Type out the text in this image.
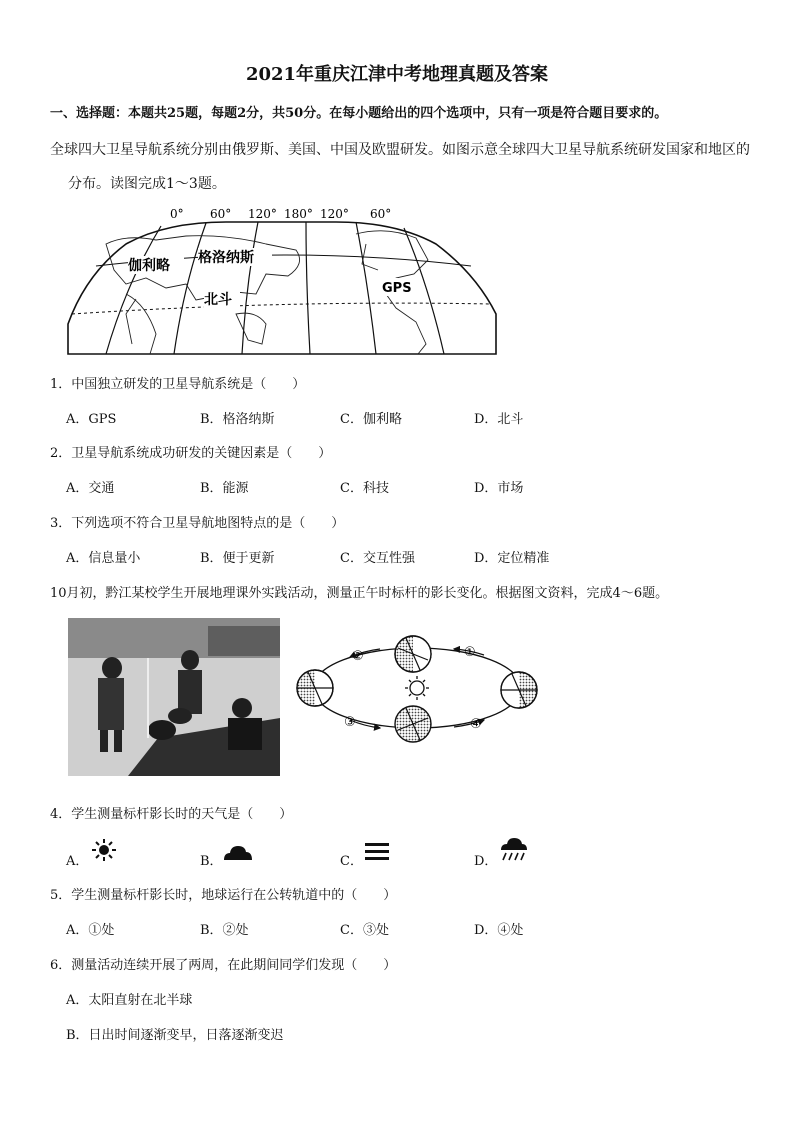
2021年重庆江津中考地理真题及答案
一、选择题：本题共25题，每题2分，共50分。在每小题给出的四个选项中，只有一项是符合题目要求的。
全球四大卫星导航系统分别由俄罗斯、美国、中国及欧盟研发。如图示意全球四大卫星导航系统研发国家和地区的
分布。读图完成1～3题。
0° 60° 120° 180° 120° 60°
伽利略 格洛纳斯
北斗
GPS
1．中国独立研发的卫星导航系统是（　　）
A．GPS	B．格洛纳斯	C．伽利略	D．北斗
2．卫星导航系统成功研发的关键因素是（　　）
A．交通	B．能源	C．科技	D．市场
3．下列选项不符合卫星导航地图特点的是（　　）
A．信息量小	B．便于更新	C．交互性强	D．定位精准
10月初，黔江某校学生开展地理课外实践活动，测量正午时标杆的影长变化。根据图文资料，完成4～6题。
①
②
③	④
4．学生测量标杆影长时的天气是（　　）
A．	B．	C．	D．
5．学生测量标杆影长时，地球运行在公转轨道中的（　　）
A．①处	B．②处	C．③处	D．④处
6．测量活动连续开展了两周，在此期间同学们发现（　　）
A．太阳直射在北半球
B．日出时间逐渐变早，日落逐渐变迟
